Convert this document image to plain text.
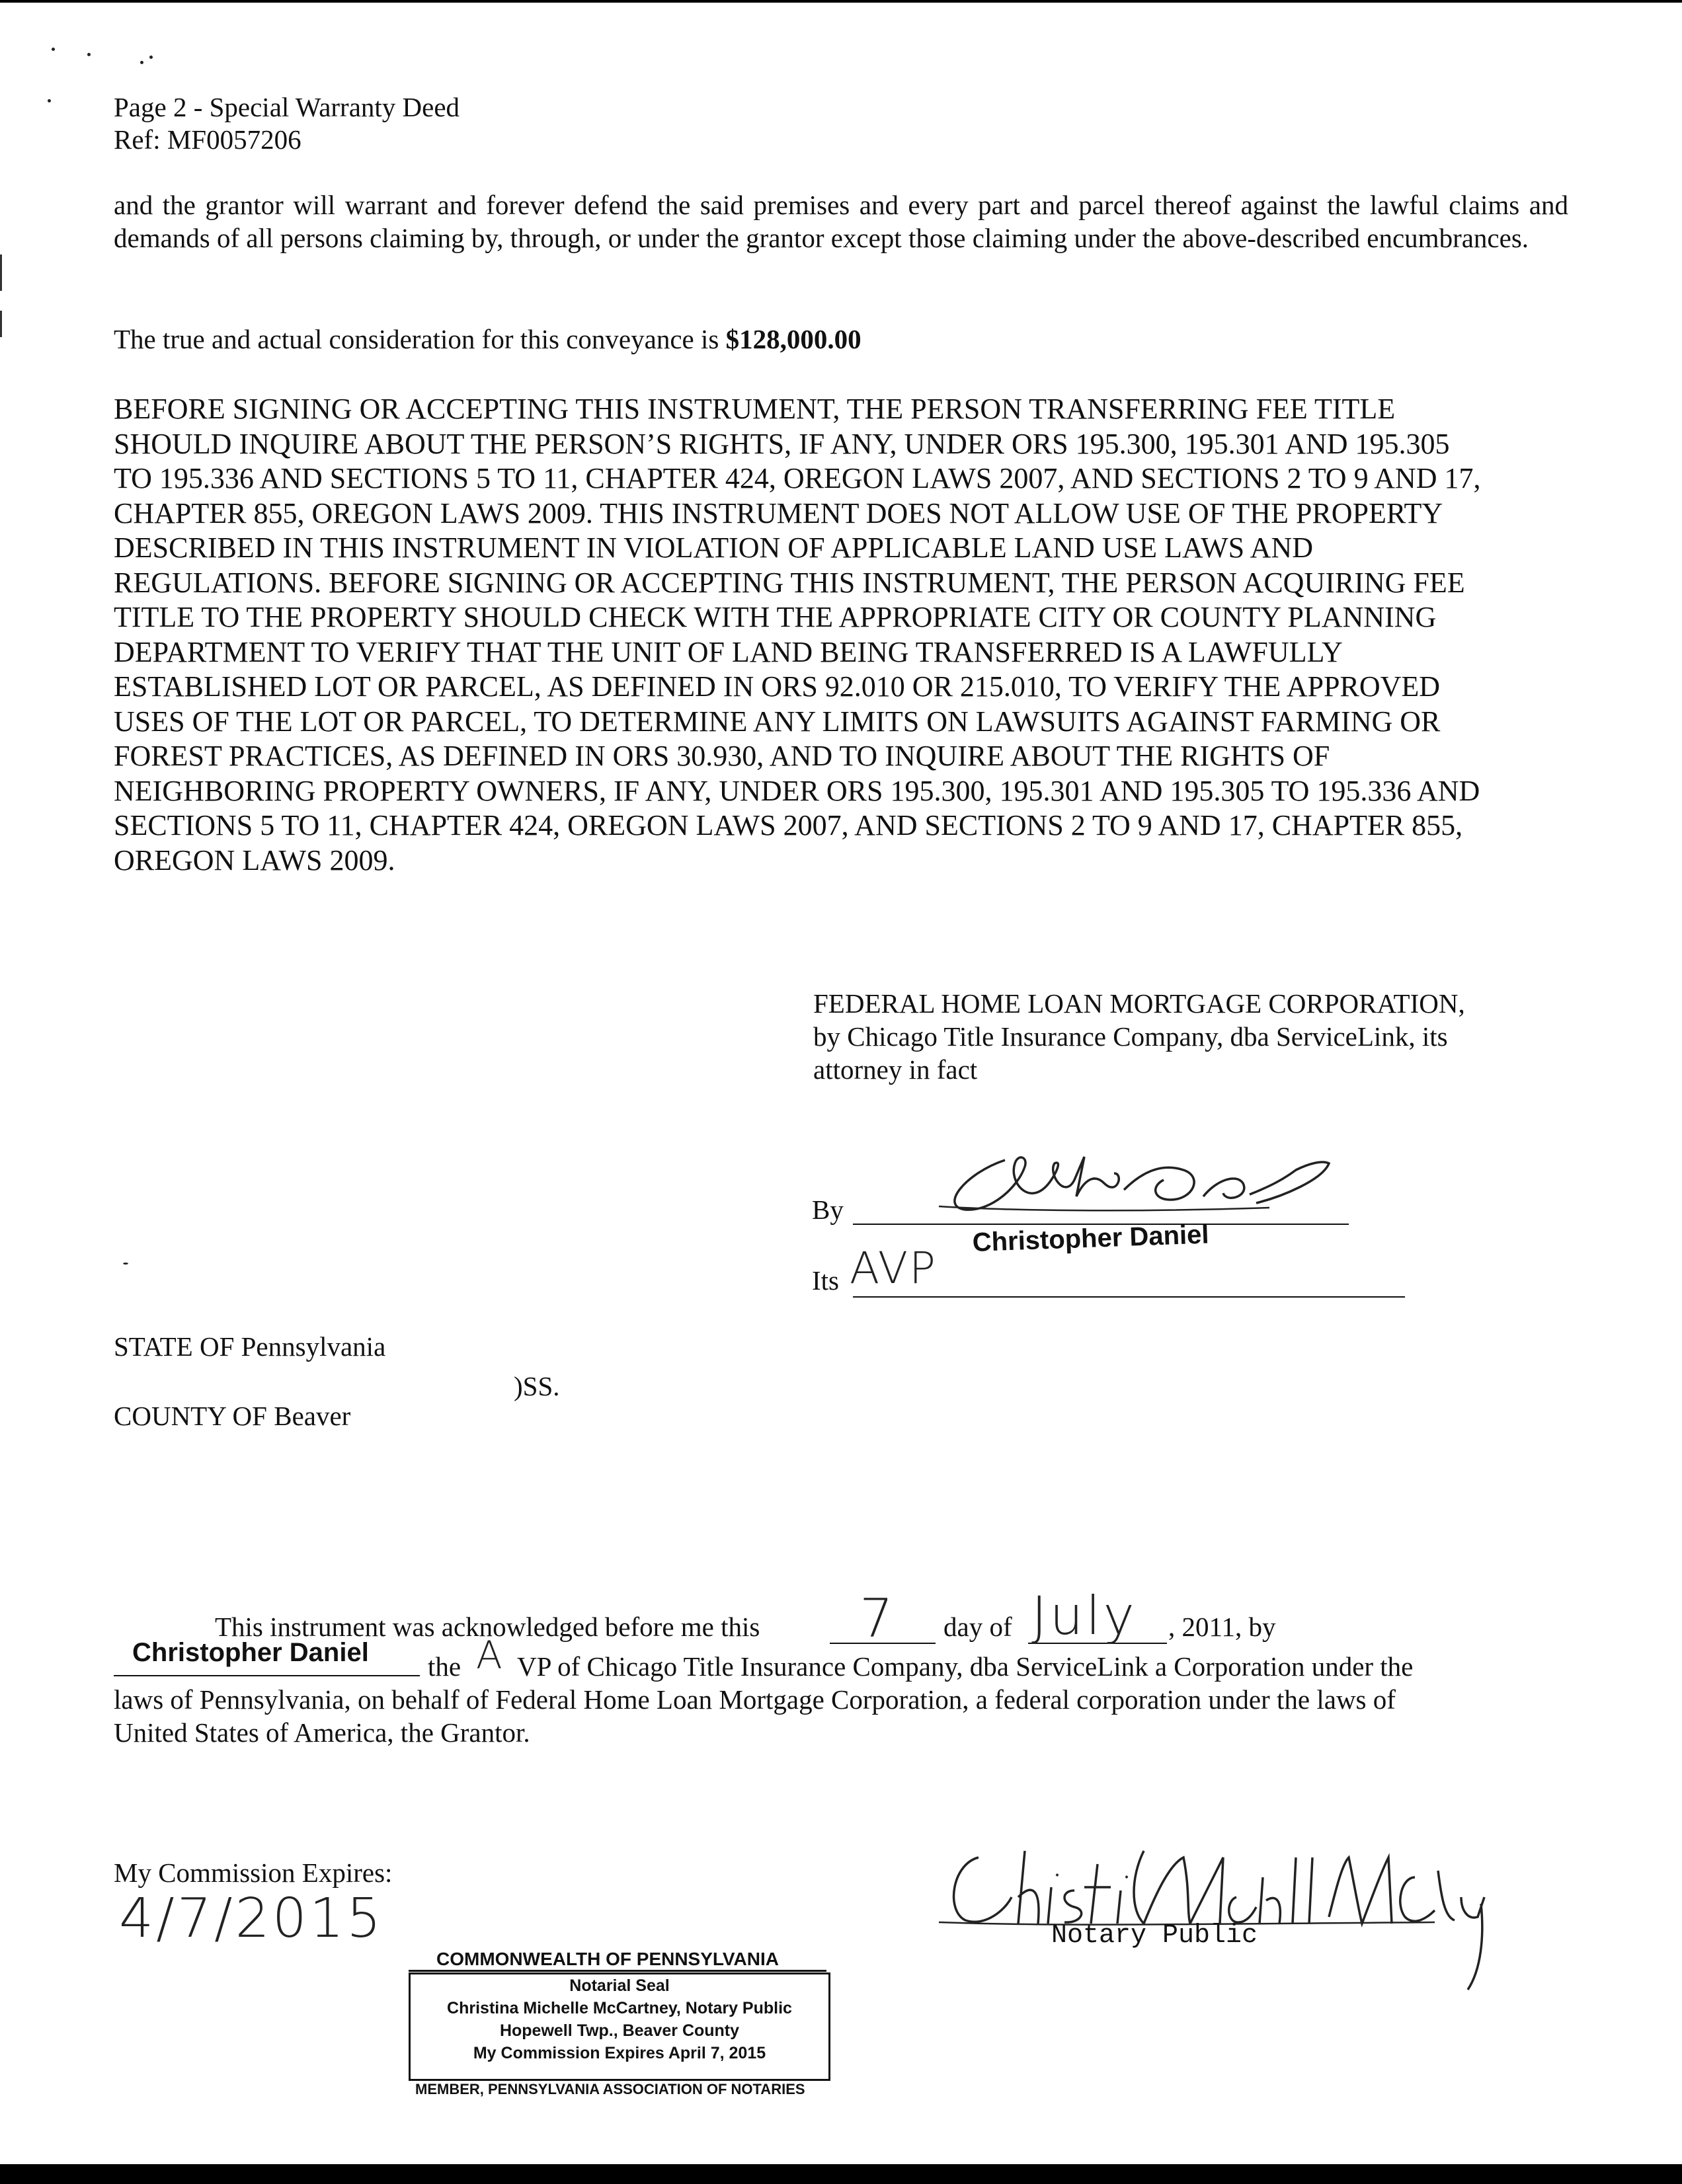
Page 2 - Special Warranty Deed
Ref: MF0057206
and the grantor will warrant and forever defend the said premises and every part and parcel thereof against the lawful claims and demands of all persons claiming by, through, or under the grantor except those claiming under the above-described encumbrances.
The true and actual consideration for this conveyance is $128,000.00
BEFORE SIGNING OR ACCEPTING THIS INSTRUMENT, THE PERSON TRANSFERRING FEE TITLE
SHOULD INQUIRE ABOUT THE PERSON’S RIGHTS, IF ANY, UNDER ORS 195.300, 195.301 AND 195.305
TO 195.336 AND SECTIONS 5 TO 11, CHAPTER 424, OREGON LAWS 2007, AND SECTIONS 2 TO 9 AND 17,
CHAPTER 855, OREGON LAWS 2009. THIS INSTRUMENT DOES NOT ALLOW USE OF THE PROPERTY
DESCRIBED IN THIS INSTRUMENT IN VIOLATION OF APPLICABLE LAND USE LAWS AND
REGULATIONS. BEFORE SIGNING OR ACCEPTING THIS INSTRUMENT, THE PERSON ACQUIRING FEE
TITLE TO THE PROPERTY SHOULD CHECK WITH THE APPROPRIATE CITY OR COUNTY PLANNING
DEPARTMENT TO VERIFY THAT THE UNIT OF LAND BEING TRANSFERRED IS A LAWFULLY
ESTABLISHED LOT OR PARCEL, AS DEFINED IN ORS 92.010 OR 215.010, TO VERIFY THE APPROVED
USES OF THE LOT OR PARCEL, TO DETERMINE ANY LIMITS ON LAWSUITS AGAINST FARMING OR
FOREST PRACTICES, AS DEFINED IN ORS 30.930, AND TO INQUIRE ABOUT THE RIGHTS OF
NEIGHBORING PROPERTY OWNERS, IF ANY, UNDER ORS 195.300, 195.301 AND 195.305 TO 195.336 AND
SECTIONS 5 TO 11, CHAPTER 424, OREGON LAWS 2007, AND SECTIONS 2 TO 9 AND 17, CHAPTER 855,
OREGON LAWS 2009.
FEDERAL HOME LOAN MORTGAGE CORPORATION,
by Chicago Title Insurance Company, dba ServiceLink, its
attorney in fact
By
Christopher Daniel
Its AVP
STATE OF Pennsylvania
)SS.
COUNTY OF Beaver
This instrument was acknowledged before me this 7 day of July , 2011, by
Christopher Daniel the A VP of Chicago Title Insurance Company, dba ServiceLink a Corporation under the
laws of Pennsylvania, on behalf of Federal Home Loan Mortgage Corporation, a federal corporation under the laws of
United States of America, the Grantor.
My Commission Expires:
4/7/2015	Notary Public
COMMONWEALTH OF PENNSYLVANIA
Notarial Seal
Christina Michelle McCartney, Notary Public
Hopewell Twp., Beaver County
My Commission Expires April 7, 2015
MEMBER, PENNSYLVANIA ASSOCIATION OF NOTARIES
